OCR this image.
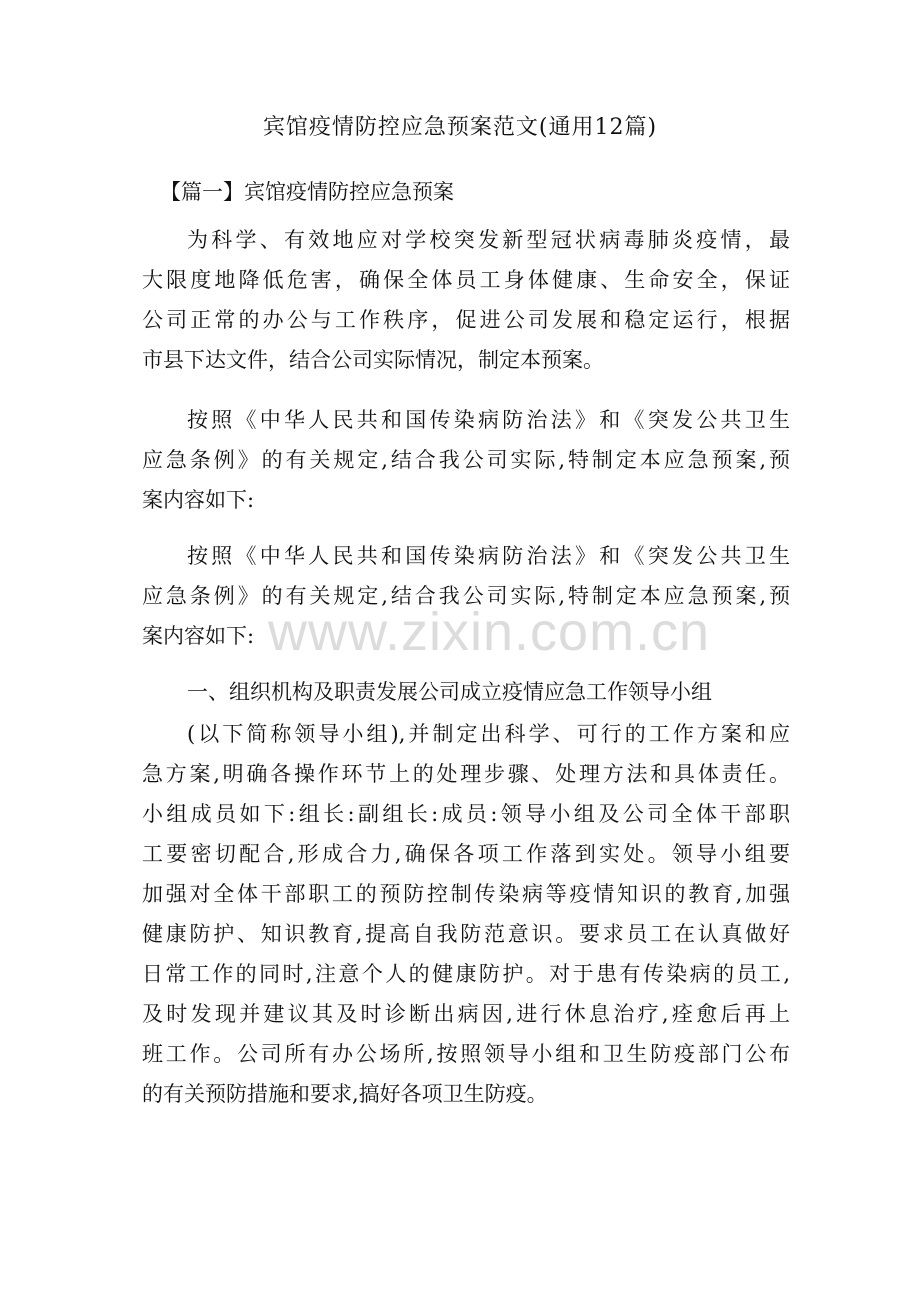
宾馆疫情防控应急预案范文(通用12篇)
【篇一】宾馆疫情防控应急预案
为科学、有效地应对学校突发新型冠状病毒肺炎疫情，最
大限度地降低危害，确保全体员工身体健康、生命安全，保证
公司正常的办公与工作秩序，促进公司发展和稳定运行，根据
市县下达文件，结合公司实际情况，制定本预案。
按照《中华人民共和国传染病防治法》和《突发公共卫生
应急条例》的有关规定,结合我公司实际,特制定本应急预案,预
案内容如下:
按照《中华人民共和国传染病防治法》和《突发公共卫生
应急条例》的有关规定,结合我公司实际,特制定本应急预案,预
案内容如下:
一、组织机构及职责发展公司成立疫情应急工作领导小组
(以下简称领导小组),并制定出科学、可行的工作方案和应
急方案,明确各操作环节上的处理步骤、处理方法和具体责任。
小组成员如下:组长:副组长:成员:领导小组及公司全体干部职
工要密切配合,形成合力,确保各项工作落到实处。领导小组要
加强对全体干部职工的预防控制传染病等疫情知识的教育,加强
健康防护、知识教育,提高自我防范意识。要求员工在认真做好
日常工作的同时,注意个人的健康防护。对于患有传染病的员工,
及时发现并建议其及时诊断出病因,进行休息治疗,痊愈后再上
班工作。公司所有办公场所,按照领导小组和卫生防疫部门公布
的有关预防措施和要求,搞好各项卫生防疫。
www.zixin.com.cn
